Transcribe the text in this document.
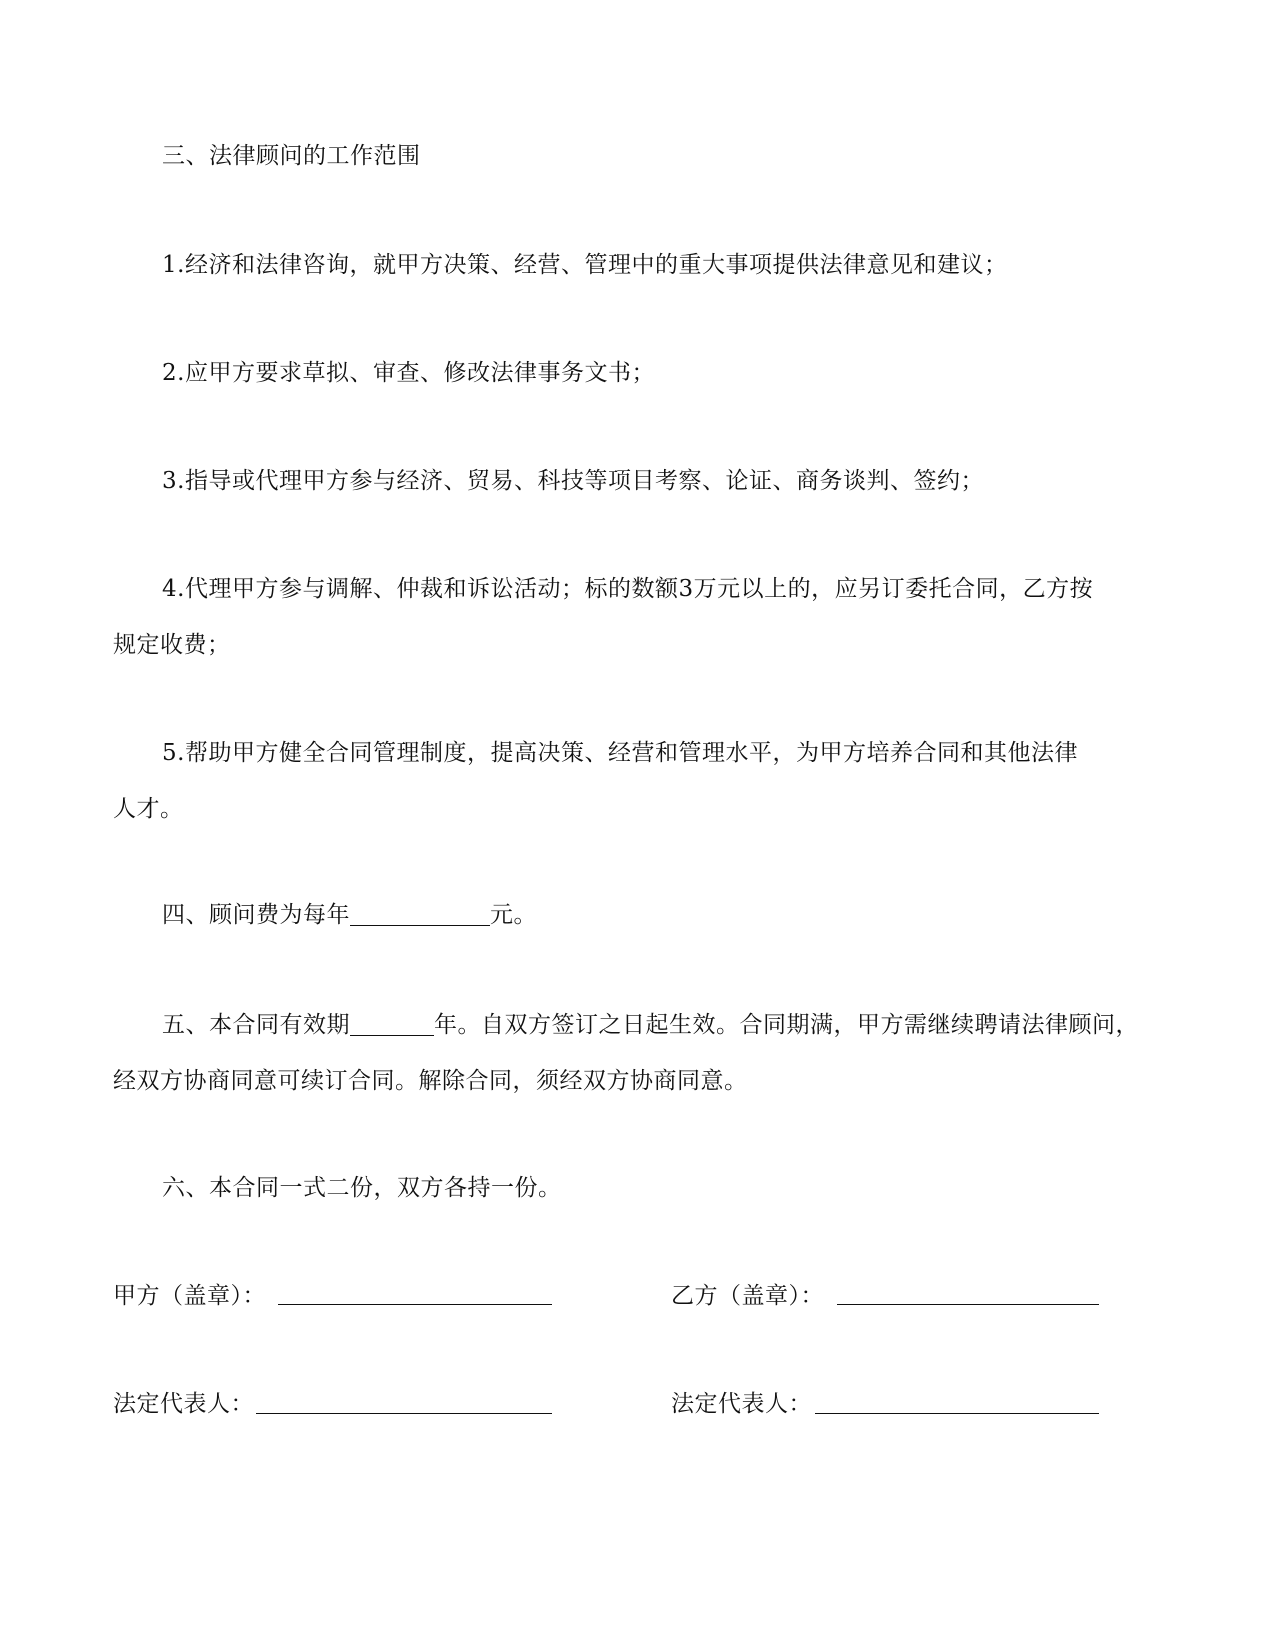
三、法律顾问的工作范围
1.经济和法律咨询，就甲方决策、经营、管理中的重大事项提供法律意见和建议；
2.应甲方要求草拟、审查、修改法律事务文书；
3.指导或代理甲方参与经济、贸易、科技等项目考察、论证、商务谈判、签约；
4.代理甲方参与调解、仲裁和诉讼活动；标的数额3万元以上的，应另订委托合同，乙方按
规定收费；
5.帮助甲方健全合同管理制度，提高决策、经营和管理水平，为甲方培养合同和其他法律
人才。
四、顾问费为每年	元。
五、本合同有效期	年。自双方签订之日起生效。合同期满，甲方需继续聘请法律顾问，
经双方协商同意可续订合同。解除合同，须经双方协商同意。
六、本合同一式二份，双方各持一份。
甲方（盖章）：	乙方（盖章）：
法定代表人：	法定代表人：
